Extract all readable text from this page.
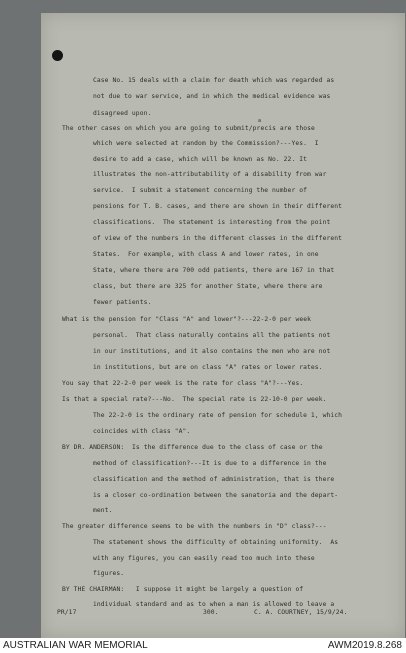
Case No. 15 deals with a claim for death which was regarded as
not due to war service, and in which the medical evidence was
disagreed upon.
The other cases on which you are going to submit/precis are those
which were selected at random by the Commission?---Yes.  I
desire to add a case, which will be known as No. 22. It
illustrates the non-attributability of a disability from war
service.  I submit a statement concerning the number of
pensions for T. B. cases, and there are shown in their different
classifications.  The statement is interesting from the point
of view of the numbers in the different classes in the different
States.  For example, with class A and lower rates, in one
State, where there are 700 odd patients, there are 167 in that
class, but there are 325 for another State, where there are
fewer patients.
What is the pension for "Class "A" and lower"?---22-2-0 per week
personal.  That class naturally contains all the patients not
in our institutions, and it also contains the men who are not
in institutions, but are on class "A" rates or lower rates.
You say that 22-2-0 per week is the rate for class "A"?---Yes.
Is that a special rate?---No.  The special rate is 22-10-0 per week.
The 22-2-0 is the ordinary rate of pension for schedule 1, which
coincides with class "A".
BY DR. ANDERSON:  Is the difference due to the class of case or the
method of classification?---It is due to a difference in the
classification and the method of administration, that is there
is a closer co-ordination between the sanatoria and the depart-
ment.
The greater difference seems to be with the numbers in "D" class?---
The statement shows the difficulty of obtaining uniformity.  As
with any figures, you can easily read too much into these
figures.
BY THE CHAIRMAN:   I suppose it might be largely a question of
individual standard and as to when a man is allowed to leave a
a
PR/17	300.	C. A. COURTNEY, 15/9/24.
AUSTRALIAN WAR MEMORIAL	AWM2019.8.268
